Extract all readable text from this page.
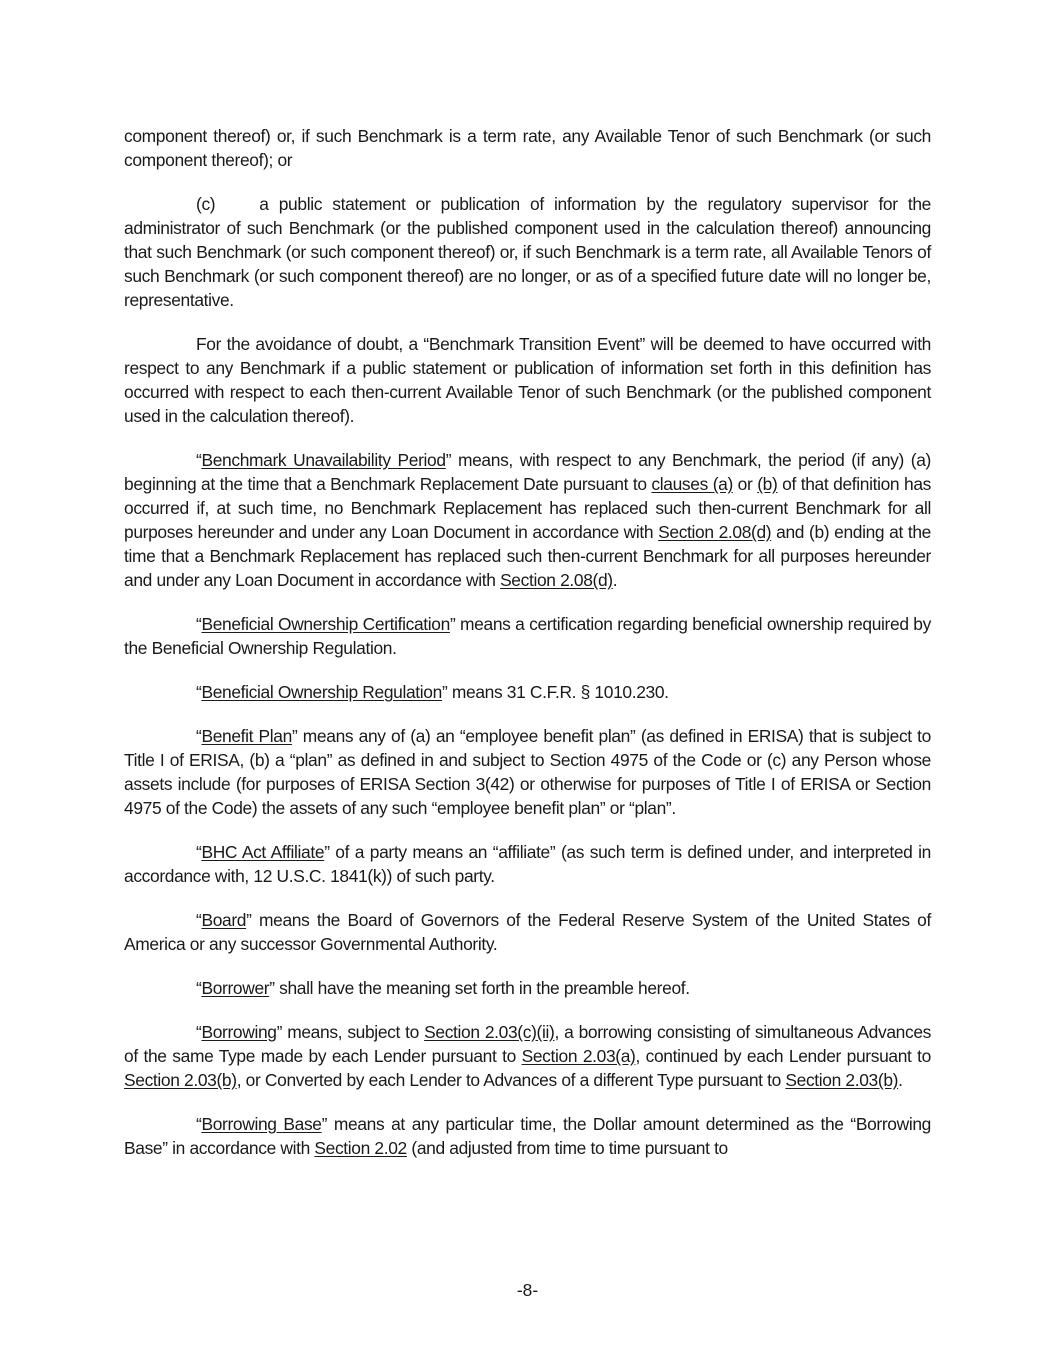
component thereof) or, if such Benchmark is a term rate, any Available Tenor of such Benchmark (or such component thereof); or

(c)	a public statement or publication of information by the regulatory supervisor for the administrator of such Benchmark (or the published component used in the calculation thereof) announcing that such Benchmark (or such component thereof) or, if such Benchmark is a term rate, all Available Tenors of such Benchmark (or such component thereof) are no longer, or as of a specified future date will no longer be, representative.

For the avoidance of doubt, a “Benchmark Transition Event” will be deemed to have occurred with respect to any Benchmark if a public statement or publication of information set forth in this definition has occurred with respect to each then-current Available Tenor of such Benchmark (or the published component used in the calculation thereof).

“Benchmark Unavailability Period” means, with respect to any Benchmark, the period (if any) (a) beginning at the time that a Benchmark Replacement Date pursuant to clauses (a) or (b) of that definition has occurred if, at such time, no Benchmark Replacement has replaced such then-current Benchmark for all purposes hereunder and under any Loan Document in accordance with Section 2.08(d) and (b) ending at the time that a Benchmark Replacement has replaced such then-current Benchmark for all purposes hereunder and under any Loan Document in accordance with Section 2.08(d).

“Beneficial Ownership Certification” means a certification regarding beneficial ownership required by the Beneficial Ownership Regulation.

“Beneficial Ownership Regulation” means 31 C.F.R. § 1010.230.

“Benefit Plan” means any of (a) an “employee benefit plan” (as defined in ERISA) that is subject to Title I of ERISA, (b) a “plan” as defined in and subject to Section 4975 of the Code or (c) any Person whose assets include (for purposes of ERISA Section 3(42) or otherwise for purposes of Title I of ERISA or Section 4975 of the Code) the assets of any such “employee benefit plan” or “plan”.

“BHC Act Affiliate” of a party means an “affiliate” (as such term is defined under, and interpreted in accordance with, 12 U.S.C. 1841(k)) of such party.

“Board” means the Board of Governors of the Federal Reserve System of the United States of America or any successor Governmental Authority.

“Borrower” shall have the meaning set forth in the preamble hereof.

“Borrowing” means, subject to Section 2.03(c)(ii), a borrowing consisting of simultaneous Advances of the same Type made by each Lender pursuant to Section 2.03(a), continued by each Lender pursuant to Section 2.03(b), or Converted by each Lender to Advances of a different Type pursuant to Section 2.03(b).

“Borrowing Base” means at any particular time, the Dollar amount determined as the “Borrowing Base” in accordance with Section 2.02 (and adjusted from time to time pursuant to

-8-
